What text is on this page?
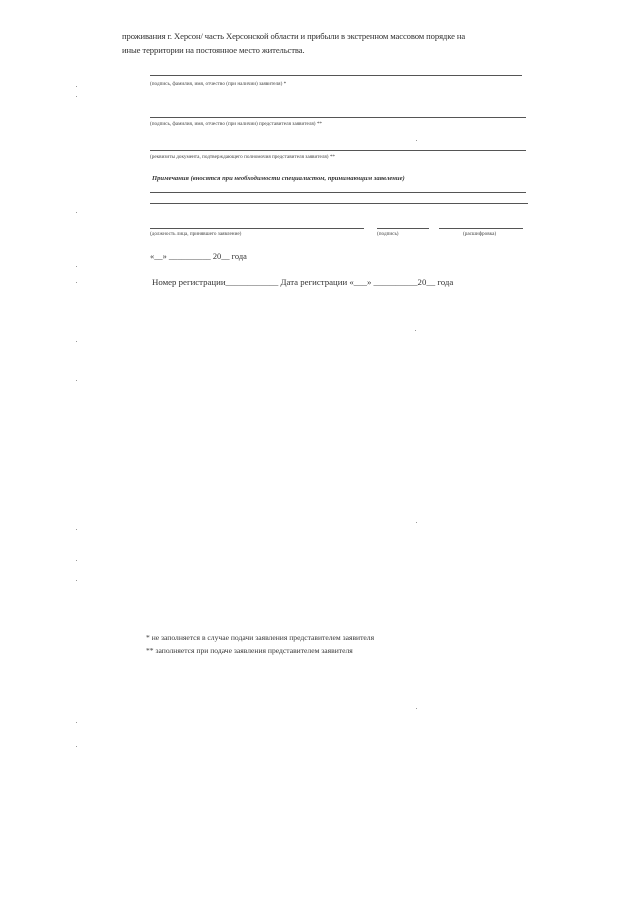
проживания г. Херсон/ часть Херсонской области и прибыли в экстренном массовом порядке на
иные территории на постоянное место жительства.
(подпись, фамилия, имя, отчество (при наличии) заявителя) *
(подпись, фамилия, имя, отчество (при наличии) представителя заявителя) **
(реквизиты документа, подтверждающего полномочия представителя заявителя) **
Примечания (вносятся при необходимости специалистом, принимающим заявление)
(должность лица, принявшего заявление)	(подпись)	(расшифровка)
«__» __________ 20__ года
Номер регистрации____________ Дата регистрации «___» __________20__ года
* не заполняется в случае подачи заявления представителем заявителя
** заполняется при подаче заявления представителем заявителя
